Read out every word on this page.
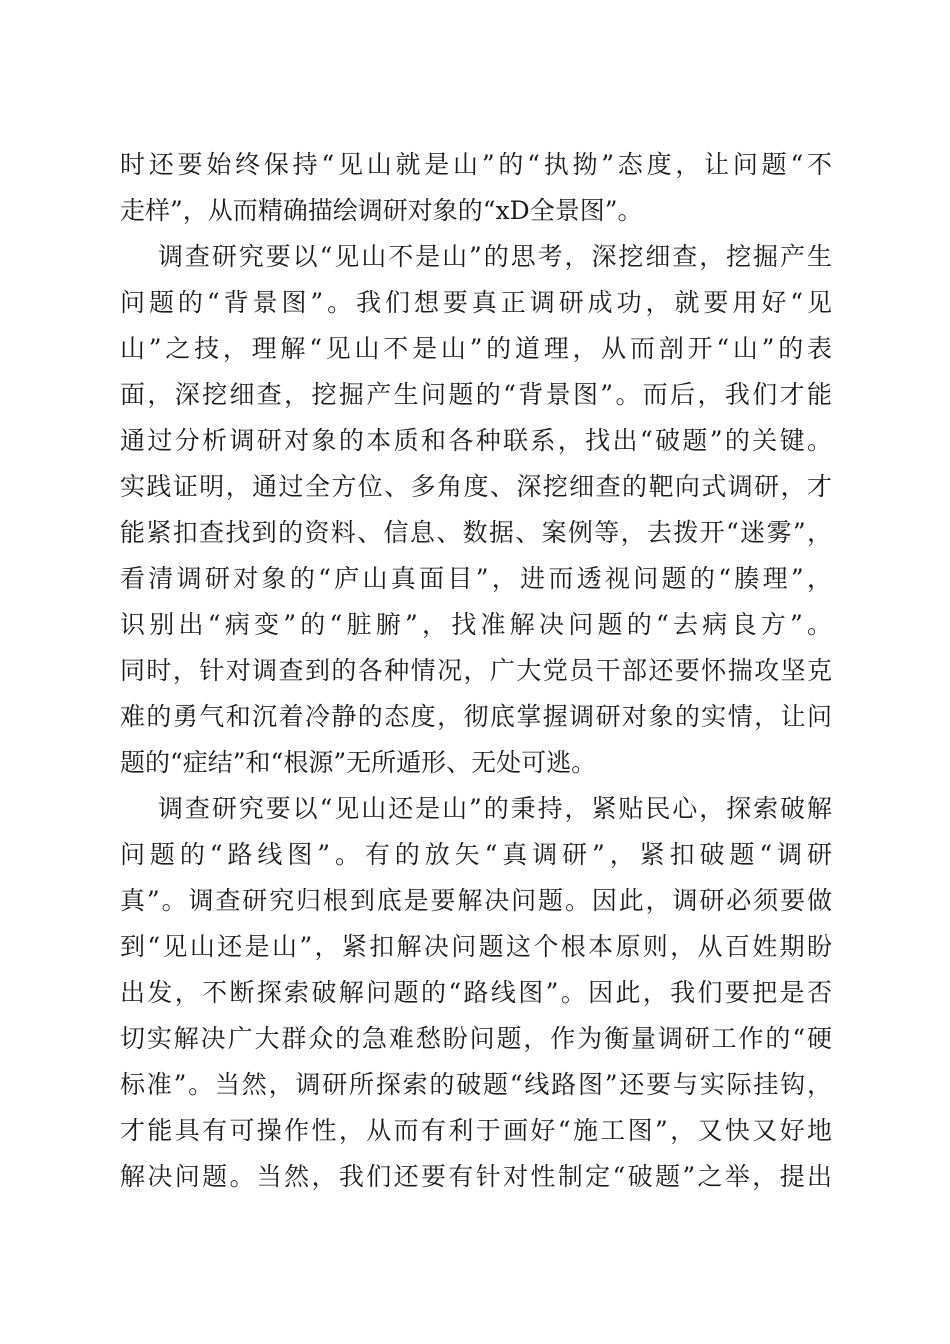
时还要始终保持“见山就是山”的“执拗”态度，让问题“不
走样”，从而精确描绘调研对象的“xD全景图”。
调查研究要以“见山不是山”的思考，深挖细查，挖掘产生
问题的“背景图”。我们想要真正调研成功，就要用好“见
山”之技，理解“见山不是山”的道理，从而剖开“山”的表
面，深挖细查，挖掘产生问题的“背景图”。而后，我们才能
通过分析调研对象的本质和各种联系，找出“破题”的关键。
实践证明，通过全方位、多角度、深挖细查的靶向式调研，才
能紧扣查找到的资料、信息、数据、案例等，去拨开“迷雾”，
看清调研对象的“庐山真面目”，进而透视问题的“腠理”，
识别出“病变”的“脏腑”，找准解决问题的“去病良方”。
同时，针对调查到的各种情况，广大党员干部还要怀揣攻坚克
难的勇气和沉着冷静的态度，彻底掌握调研对象的实情，让问
题的“症结”和“根源”无所遁形、无处可逃。
调查研究要以“见山还是山”的秉持，紧贴民心，探索破解
问题的“路线图”。有的放矢“真调研”，紧扣破题“调研
真”。调查研究归根到底是要解决问题。因此，调研必须要做
到“见山还是山”，紧扣解决问题这个根本原则，从百姓期盼
出发，不断探索破解问题的“路线图”。因此，我们要把是否
切实解决广大群众的急难愁盼问题，作为衡量调研工作的“硬
标准”。当然，调研所探索的破题“线路图”还要与实际挂钩，
才能具有可操作性，从而有利于画好“施工图”，又快又好地
解决问题。当然，我们还要有针对性制定“破题”之举，提出
